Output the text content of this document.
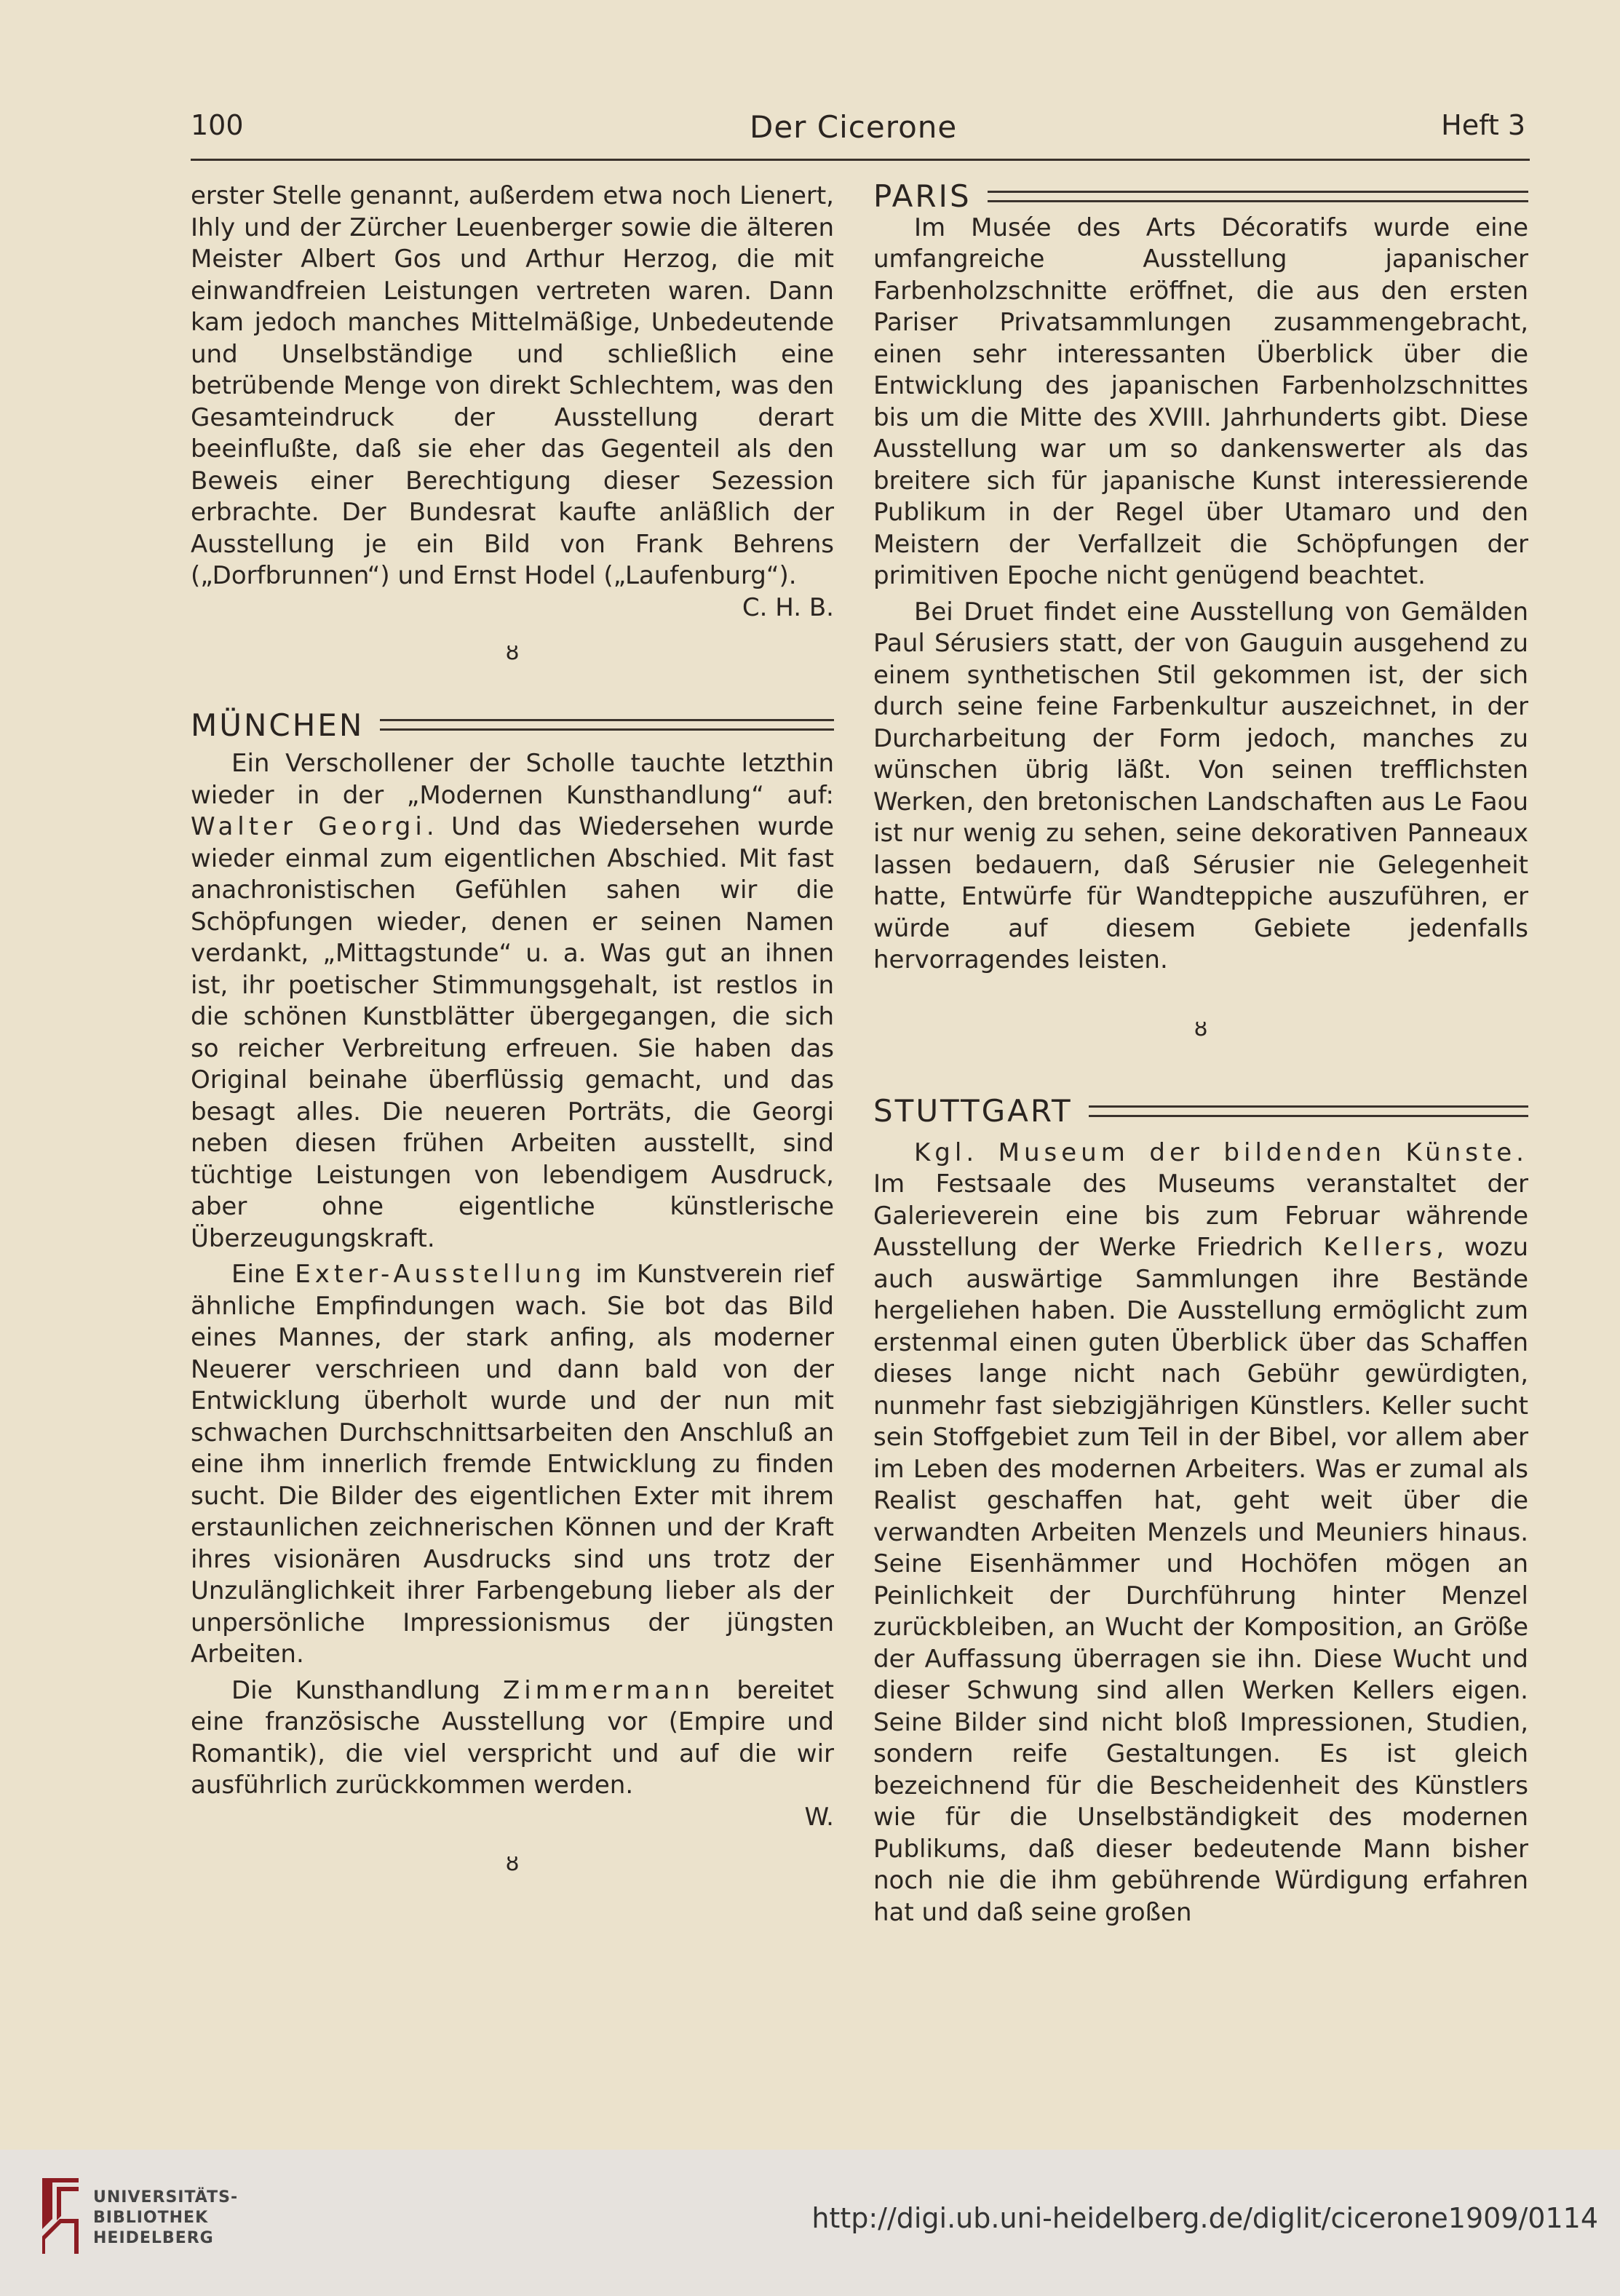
100	Der Cicerone	Heft 3

erster Stelle genannt, außerdem etwa noch Lienert, Ihly und der Zürcher Leuenberger sowie die älteren Meister Albert Gos und Arthur Herzog, die mit einwandfreien Leistungen vertreten waren. Dann kam jedoch manches Mittelmäßige, Unbedeutende und Unselbständige und schließlich eine betrübende Menge von direkt Schlechtem, was den Gesamteindruck der Ausstellung derart beeinflußte, daß sie eher das Gegenteil als den Beweis einer Berechtigung dieser Sezession erbrachte. Der Bundesrat kaufte anläßlich der Ausstellung je ein Bild von Frank Behrens („Dorfbrunnen“) und Ernst Hodel („Laufenburg“).

C. H. B.

ȣ
MÜNCHEN

Ein Verschollener der Scholle tauchte letzthin wieder in der „Modernen Kunsthandlung“ auf: Walter Georgi. Und das Wiedersehen wurde wieder einmal zum eigentlichen Abschied. Mit fast anachronistischen Gefühlen sahen wir die Schöpfungen wieder, denen er seinen Namen verdankt, „Mittagstunde“ u. a. Was gut an ihnen ist, ihr poetischer Stimmungsgehalt, ist restlos in die schönen Kunstblätter übergegangen, die sich so reicher Verbreitung erfreuen. Sie haben das Original beinahe überflüssig gemacht, und das besagt alles. Die neueren Porträts, die Georgi neben diesen frühen Arbeiten ausstellt, sind tüchtige Leistungen von lebendigem Ausdruck, aber ohne eigentliche künstlerische Überzeugungskraft.

Eine Exter-Ausstellung im Kunstverein rief ähnliche Empfindungen wach. Sie bot das Bild eines Mannes, der stark anfing, als moderner Neuerer verschrieen und dann bald von der Entwicklung überholt wurde und der nun mit schwachen Durchschnittsarbeiten den Anschluß an eine ihm innerlich fremde Entwicklung zu finden sucht. Die Bilder des eigentlichen Exter mit ihrem erstaunlichen zeichnerischen Können und der Kraft ihres visionären Ausdrucks sind uns trotz der Unzulänglichkeit ihrer Farbengebung lieber als der unpersönliche Impressionismus der jüngsten Arbeiten.

Die Kunsthandlung Zimmermann bereitet eine französische Ausstellung vor (Empire und Romantik), die viel verspricht und auf die wir ausführlich zurückkommen werden.

W.

ȣ
PARIS

Im Musée des Arts Décoratifs wurde eine umfangreiche Ausstellung japanischer Farbenholzschnitte eröffnet, die aus den ersten Pariser Privatsammlungen zusammengebracht, einen sehr interessanten Überblick über die Entwicklung des japanischen Farbenholzschnittes bis um die Mitte des XVIII. Jahrhunderts gibt. Diese Ausstellung war um so dankenswerter als das breitere sich für japanische Kunst interessierende Publikum in der Regel über Utamaro und den Meistern der Verfallzeit die Schöpfungen der primitiven Epoche nicht genügend beachtet.

Bei Druet findet eine Ausstellung von Gemälden Paul Sérusiers statt, der von Gauguin ausgehend zu einem synthetischen Stil gekommen ist, der sich durch seine feine Farbenkultur auszeichnet, in der Durcharbeitung der Form jedoch, manches zu wünschen übrig läßt. Von seinen trefflichsten Werken, den bretonischen Landschaften aus Le Faou ist nur wenig zu sehen, seine dekorativen Panneaux lassen bedauern, daß Sérusier nie Gelegenheit hatte, Entwürfe für Wandteppiche auszuführen, er würde auf diesem Gebiete jedenfalls hervorragendes leisten.

ȣ
STUTTGART

Kgl. Museum der bildenden Künste. Im Festsaale des Museums veranstaltet der Galerieverein eine bis zum Februar währende Ausstellung der Werke Friedrich Kellers, wozu auch auswärtige Sammlungen ihre Bestände hergeliehen haben. Die Ausstellung ermöglicht zum erstenmal einen guten Überblick über das Schaffen dieses lange nicht nach Gebühr gewürdigten, nunmehr fast siebzigjährigen Künstlers. Keller sucht sein Stoffgebiet zum Teil in der Bibel, vor allem aber im Leben des modernen Arbeiters. Was er zumal als Realist geschaffen hat, geht weit über die verwandten Arbeiten Menzels und Meuniers hinaus. Seine Eisenhämmer und Hochöfen mögen an Peinlichkeit der Durchführung hinter Menzel zurückbleiben, an Wucht der Komposition, an Größe der Auffassung überragen sie ihn. Diese Wucht und dieser Schwung sind allen Werken Kellers eigen. Seine Bilder sind nicht bloß Impressionen, Studien, sondern reife Gestaltungen. Es ist gleich bezeichnend für die Bescheidenheit des Künstlers wie für die Unselbständigkeit des modernen Publikums, daß dieser bedeutende Mann bisher noch nie die ihm gebührende Würdigung erfahren hat und daß seine großen

UNIVERSITÄTS-
BIBLIOTHEK
HEIDELBERG
http://digi.ub.uni-heidelberg.de/diglit/cicerone1909/0114
